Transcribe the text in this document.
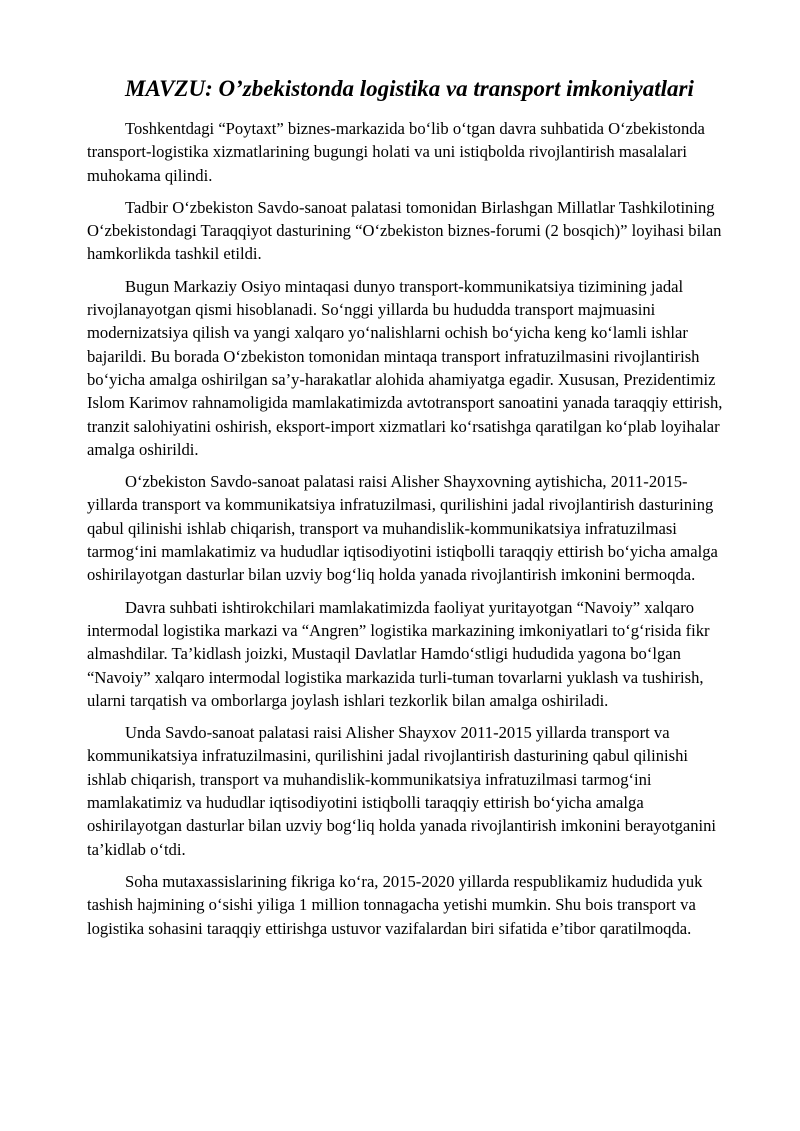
MAVZU: O’zbekistonda logistika va transport imkoniyatlari

Toshkentdagi “Poytaxt” biznes-markazida bo‘lib o‘tgan davra suhbatida O‘zbekistonda transport-logistika xizmatlarining bugungi holati va uni istiqbolda rivojlantirish masalalari muhokama qilindi.

Tadbir O‘zbekiston Savdo-sanoat palatasi tomonidan Birlashgan Millatlar Tashkilotining O‘zbekistondagi Taraqqiyot dasturining “O‘zbekiston biznes-forumi (2 bosqich)” loyihasi bilan hamkorlikda tashkil etildi.

Bugun Markaziy Osiyo mintaqasi dunyo transport-kommunikatsiya tizimining jadal rivojlanayotgan qismi hisoblanadi. So‘nggi yillarda bu hududda transport majmuasini modernizatsiya qilish va yangi xalqaro yo‘nalishlarni ochish bo‘yicha keng ko‘lamli ishlar bajarildi. Bu borada O‘zbekiston tomonidan mintaqa transport infratuzilmasini rivojlantirish bo‘yicha amalga oshirilgan sa’y-harakatlar alohida ahamiyatga egadir. Xususan, Prezidentimiz Islom Karimov rahnamoligida mamlakatimizda avtotransport sanoatini yanada taraqqiy ettirish, tranzit salohiyatini oshirish, eksport-import xizmatlari ko‘rsatishga qaratilgan ko‘plab loyihalar amalga oshirildi.

O‘zbekiston Savdo-sanoat palatasi raisi Alisher Shayxovning aytishicha, 2011-2015-yillarda transport va kommunikatsiya infratuzilmasi, qurilishini jadal rivojlantirish dasturining qabul qilinishi ishlab chiqarish, transport va muhandislik-kommunikatsiya infratuzilmasi tarmog‘ini mamlakatimiz va hududlar iqtisodiyotini istiqbolli taraqqiy ettirish bo‘yicha amalga oshirilayotgan dasturlar bilan uzviy bog‘liq holda yanada rivojlantirish imkonini bermoqda.

Davra suhbati ishtirokchilari mamlakatimizda faoliyat yuritayotgan “Navoiy” xalqaro intermodal logistika markazi va “Angren” logistika markazining imkoniyatlari to‘g‘risida fikr almashdilar. Ta’kidlash joizki, Mustaqil Davlatlar Hamdo‘stligi hududida yagona bo‘lgan “Navoiy” xalqaro intermodal logistika markazida turli-tuman tovarlarni yuklash va tushirish, ularni tarqatish va omborlarga joylash ishlari tezkorlik bilan amalga oshiriladi.

Unda Savdo-sanoat palatasi raisi Alisher Shayxov 2011-2015 yillarda transport va kommunikatsiya infratuzilmasini, qurilishini jadal rivojlantirish dasturining qabul qilinishi ishlab chiqarish, transport va muhandislik-kommunikatsiya infratuzilmasi tarmog‘ini mamlakatimiz va hududlar iqtisodiyotini istiqbolli taraqqiy ettirish bo‘yicha amalga oshirilayotgan dasturlar bilan uzviy bog‘liq holda yanada rivojlantirish imkonini berayotganini ta’kidlab o‘tdi.

Soha mutaxassislarining fikriga ko‘ra, 2015-2020 yillarda respublikamiz hududida yuk tashish hajmining o‘sishi yiliga 1 million tonnagacha yetishi mumkin. Shu bois transport va logistika sohasini taraqqiy ettirishga ustuvor vazifalardan biri sifatida e’tibor qaratilmoqda.
